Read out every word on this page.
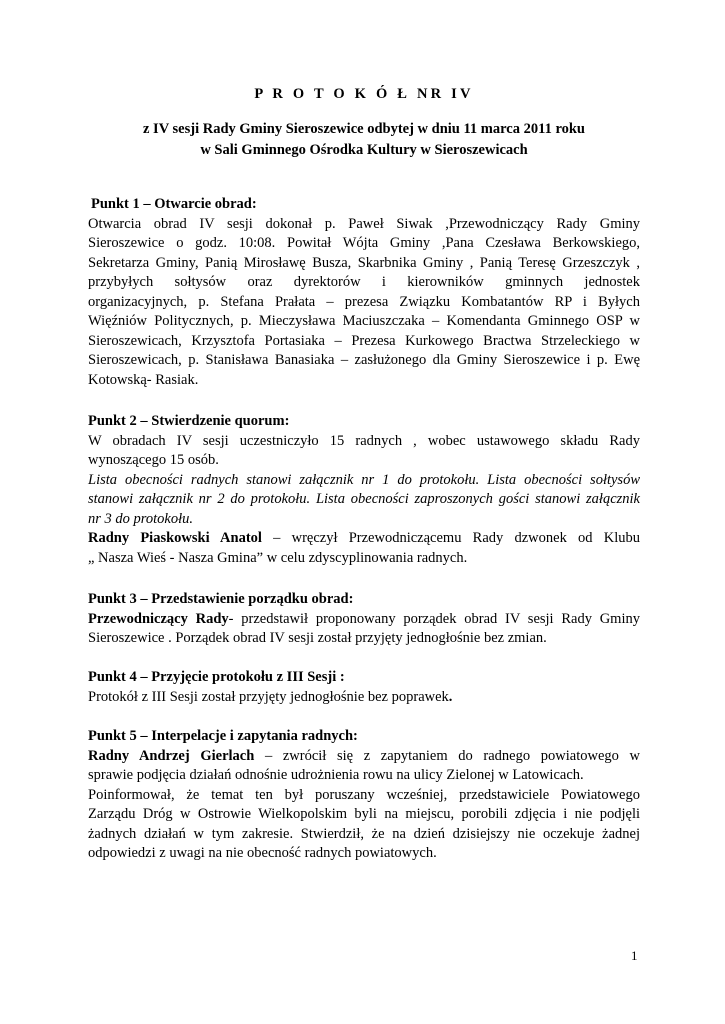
P R O T O K Ó Ł NR IV
z IV sesji Rady Gminy Sieroszewice odbytej w dniu 11 marca 2011 roku
w Sali Gminnego Ośrodka Kultury w Sieroszewicach
Punkt 1 – Otwarcie obrad:
Otwarcia obrad IV sesji dokonał p. Paweł Siwak ,Przewodniczący Rady Gminy
Sieroszewice o godz. 10:08. Powitał Wójta Gminy ,Pana Czesława Berkowskiego,
Sekretarza Gminy, Panią Mirosławę Busza, Skarbnika Gminy , Panią Teresę Grzeszczyk ,
przybyłych sołtysów oraz dyrektorów i kierowników gminnych jednostek
organizacyjnych, p. Stefana Prałata – prezesa Związku Kombatantów RP i Byłych
Więźniów Politycznych, p. Mieczysława Maciuszczaka – Komendanta Gminnego OSP w
Sieroszewicach, Krzysztofa Portasiaka – Prezesa Kurkowego Bractwa Strzeleckiego w
Sieroszewicach, p. Stanisława Banasiaka – zasłużonego dla Gminy Sieroszewice i p. Ewę
Kotowską- Rasiak.
Punkt 2 – Stwierdzenie quorum:
W obradach IV sesji uczestniczyło 15 radnych , wobec ustawowego składu Rady
wynoszącego 15 osób.
Lista obecności radnych stanowi załącznik nr 1 do protokołu. Lista obecności sołtysów
stanowi załącznik nr 2 do protokołu. Lista obecności zaproszonych gości stanowi załącznik
nr 3 do protokołu.
Radny Piaskowski Anatol – wręczył Przewodniczącemu Rady dzwonek od Klubu
„ Nasza Wieś - Nasza Gmina” w celu zdyscyplinowania radnych.
Punkt 3 – Przedstawienie porządku obrad:
Przewodniczący Rady- przedstawił proponowany porządek obrad IV sesji Rady Gminy
Sieroszewice . Porządek obrad IV sesji został przyjęty jednogłośnie bez zmian.
Punkt 4 – Przyjęcie protokołu z III Sesji :
Protokół z III Sesji został przyjęty jednogłośnie bez poprawek.
Punkt 5 – Interpelacje i zapytania radnych:
Radny Andrzej Gierlach – zwrócił się z zapytaniem do radnego powiatowego w
sprawie podjęcia działań odnośnie udrożnienia rowu na ulicy Zielonej w Latowicach.
Poinformował, że temat ten był poruszany wcześniej, przedstawiciele Powiatowego
Zarządu Dróg w Ostrowie Wielkopolskim byli na miejscu, porobili zdjęcia i nie podjęli
żadnych działań w tym zakresie. Stwierdził, że na dzień dzisiejszy nie oczekuje żadnej
odpowiedzi z uwagi na nie obecność radnych powiatowych.
1
